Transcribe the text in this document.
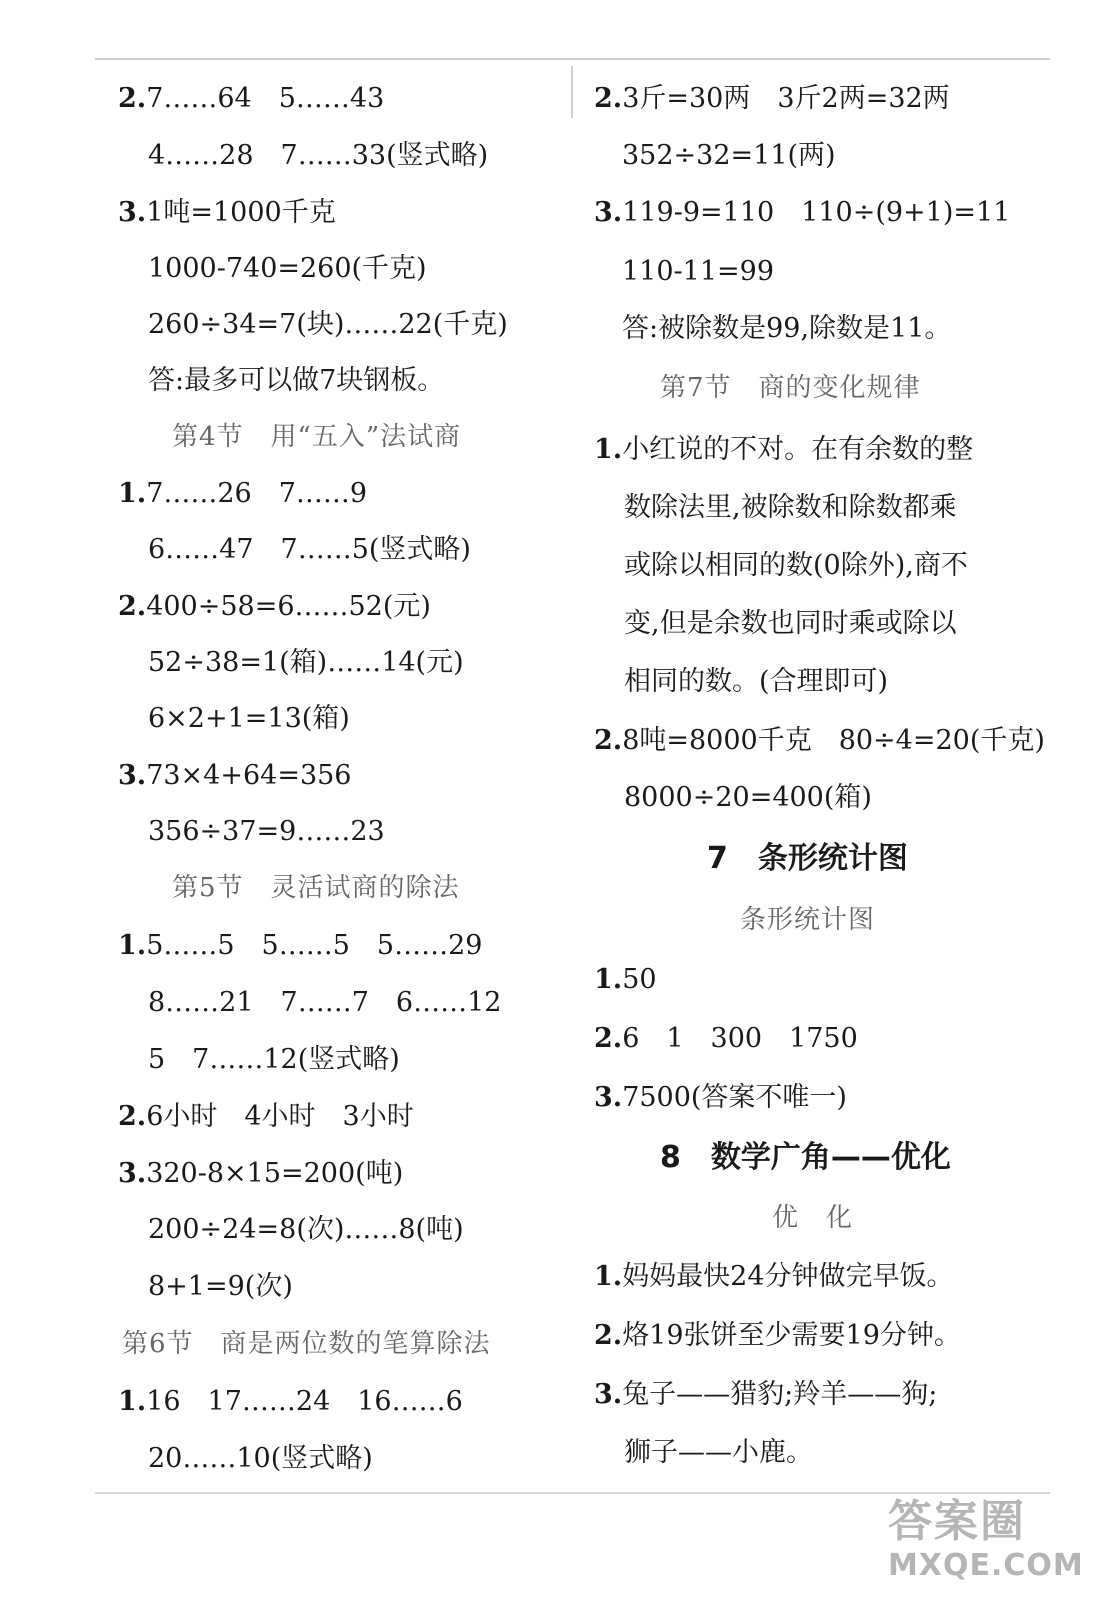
2.7……64　5……43
4……28　7……33(竖式略)
3.1吨=1000千克
1000-740=260(千克)
260÷34=7(块)……22(千克)
答:最多可以做7块钢板。
第4节　用“五入”法试商
1.7……26　7……9
6……47　7……5(竖式略)
2.400÷58=6……52(元)
52÷38=1(箱)……14(元)
6×2+1=13(箱)
3.73×4+64=356
356÷37=9……23
第5节　灵活试商的除法
1.5……5　5……5　5……29
8……21　7……7　6……12
5　7……12(竖式略)
2.6小时　4小时　3小时
3.320-8×15=200(吨)
200÷24=8(次)……8(吨)
8+1=9(次)
第6节　商是两位数的笔算除法
1.16　17……24　16……6
20……10(竖式略)
2.3斤=30两　3斤2两=32两
352÷32=11(两)
3.119-9=110　110÷(9+1)=11
110-11=99
答:被除数是99,除数是11。
第7节　商的变化规律
1.小红说的不对。在有余数的整
数除法里,被除数和除数都乘
或除以相同的数(0除外),商不
变,但是余数也同时乘或除以
相同的数。(合理即可)
2.8吨=8000千克　80÷4=20(千克)
8000÷20=400(箱)
7　条形统计图
条形统计图
1.50
2.6　1　300　1750
3.7500(答案不唯一)
8　数学广角——优化
优　化
1.妈妈最快24分钟做完早饭。
2.烙19张饼至少需要19分钟。
3.兔子——猎豹;羚羊——狗;
狮子——小鹿。
答案圈
MXQE.COM
